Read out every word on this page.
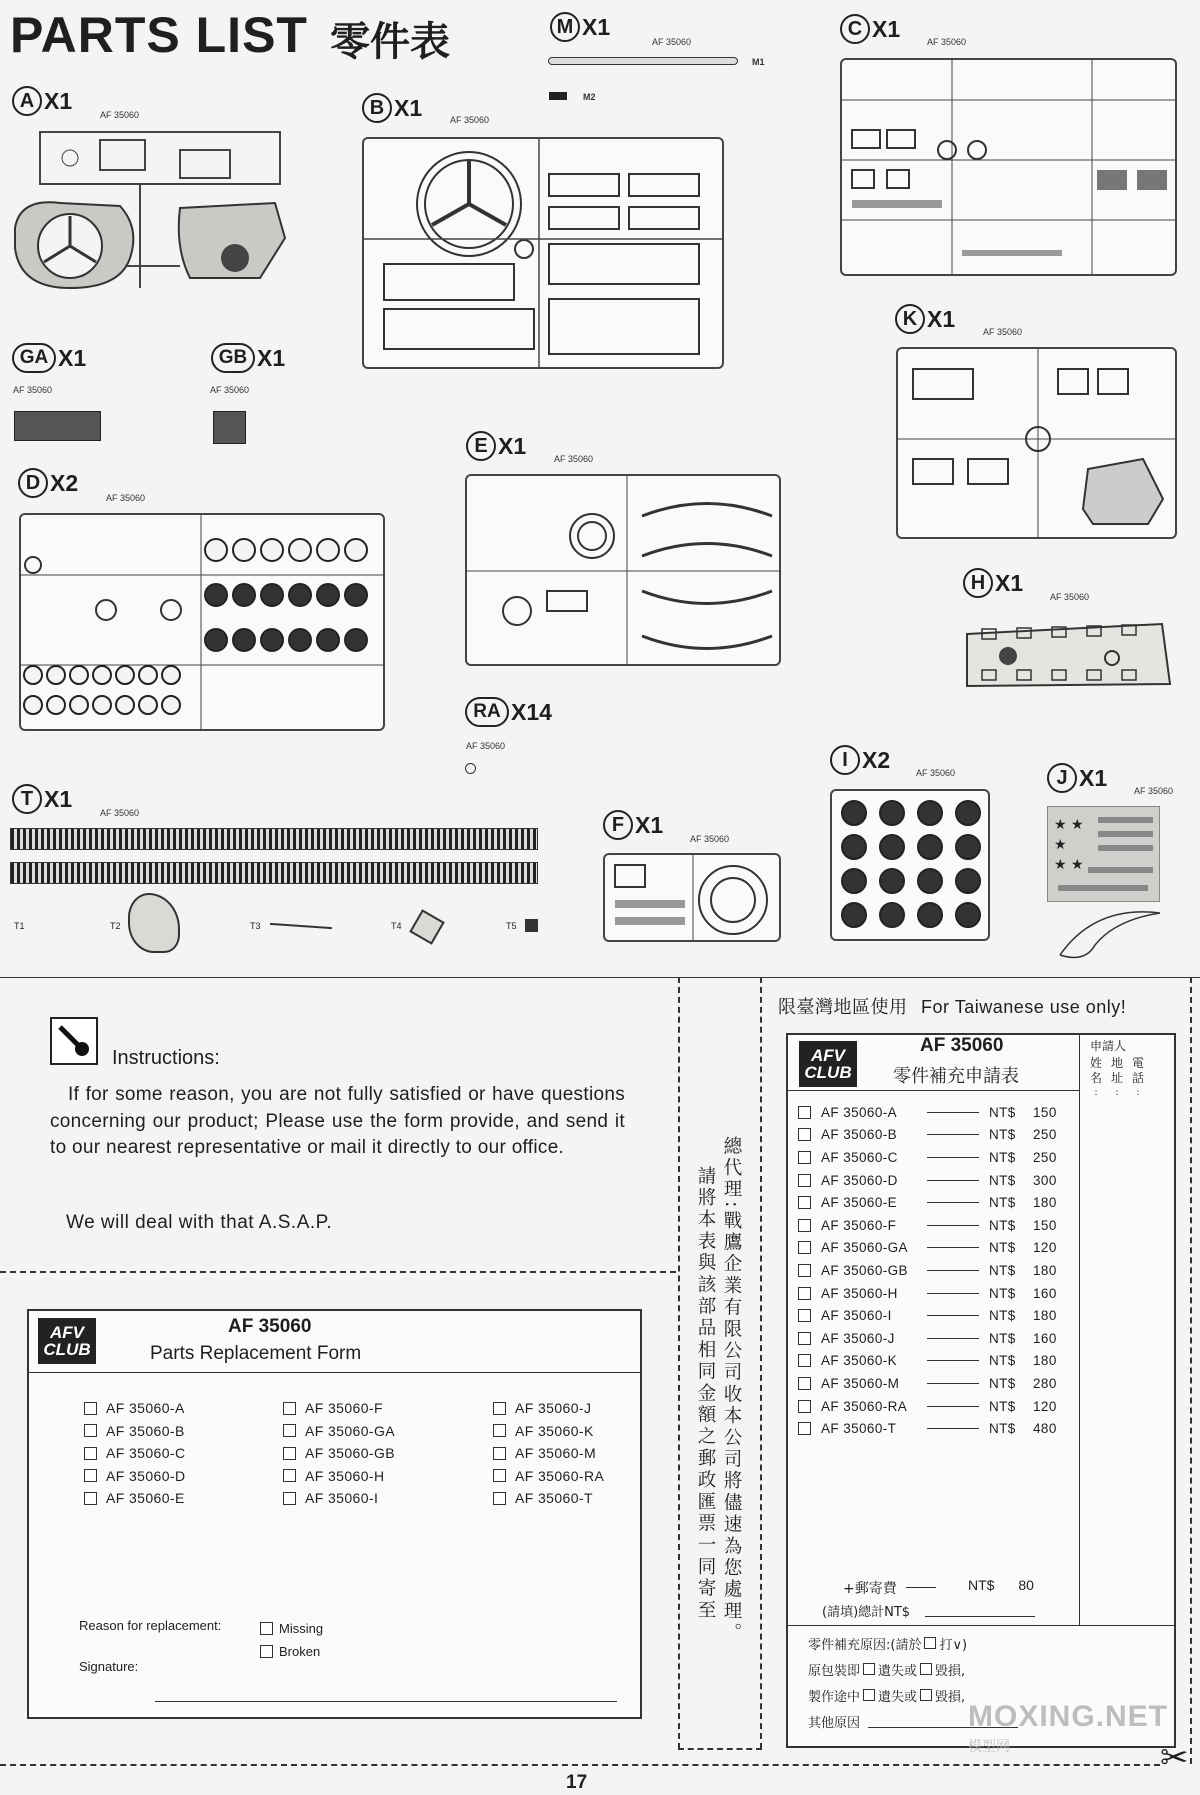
PARTS LIST 零件表
A X1
AF 35060	B X1	AF 35060
M X1
AF 35060
M1
M2
C X1
AF 35060
GA X1
AF 35060
GB X1
AF 35060
K X1
AF 35060
D X2
AF 35060
E X1
AF 35060
H X1
AF 35060
RA X14
AF 35060
T X1
AF 35060
T1	T2	T3	T4	T5
I X2
AF 35060	J X1
AF 35060
★ ★
★
★ ★
F X1
AF 35060
Instructions:
If for some reason, you are not fully satisfied or have questions concerning our product; Please use the form provide, and send it to our nearest representative or mail it directly to our office.
We will deal with that A.S.A.P.
AFV
CLUB
AF 35060
Parts Replacement Form
AF 35060-A
AF 35060-B
AF 35060-C
AF 35060-D
AF 35060-E
AF 35060-F
AF 35060-GA
AF 35060-GB
AF 35060-H
AF 35060-I
AF 35060-J
AF 35060-K
AF 35060-M
AF 35060-RA
AF 35060-T
Reason for replacement:	Missing
Broken
Signature:
總代理:戰鷹企業有限公司收本公司將儘速為您處理。
請將本表與該部品相同金額之郵政匯票一同寄至
限臺灣地區使用 For Taiwanese use only!
AFV
CLUB
AF 35060
零件補充申請表
申請人
姓
名
:
地
址
:
電
話
:
AF 35060-A	NT$	150
AF 35060-B	NT$	250
AF 35060-C	NT$	250
AF 35060-D	NT$	300
AF 35060-E	NT$	180
AF 35060-F	NT$	150
AF 35060-GA	NT$	120
AF 35060-GB	NT$	180
AF 35060-H	NT$	160
AF 35060-I	NT$	180
AF 35060-J	NT$	160
AF 35060-K	NT$	180
AF 35060-M	NT$	280
AF 35060-RA	NT$	120
AF 35060-T	NT$	480
+郵寄費	NT$ 80
(請填)總計NT$
零件補充原因:(請於 打∨)
原包裝即 遺失或 毀損,
製作途中 遺失或 毀損,
其他原因	MOXING.NET
模型网	✂
17
